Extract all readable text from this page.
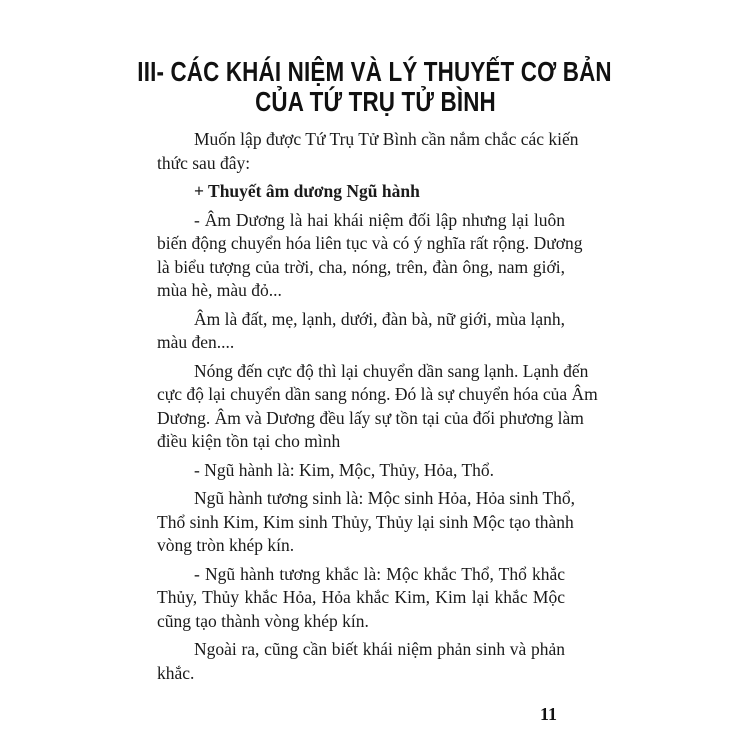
III- CÁC KHÁI NIỆM VÀ LÝ THUYẾT CƠ BẢN
CỦA TỨ TRỤ TỬ BÌNH
Muốn lập được Tứ Trụ Tử Bình cần nắm chắc các kiến
thức sau đây:
+ Thuyết âm dương Ngũ hành
- Âm Dương là hai khái niệm đối lập nhưng lại luôn
biến động chuyển hóa liên tục và có ý nghĩa rất rộng. Dương
là biểu tượng của trời, cha, nóng, trên, đàn ông, nam giới,
mùa hè, màu đỏ...
Âm là đất, mẹ, lạnh, dưới, đàn bà, nữ giới, mùa lạnh,
màu đen....
Nóng đến cực độ thì lại chuyển dần sang lạnh. Lạnh đến
cực độ lại chuyển dần sang nóng. Đó là sự chuyển hóa của Âm
Dương. Âm và Dương đều lấy sự tồn tại của đối phương làm
điều kiện tồn tại cho mình
- Ngũ hành là: Kim, Mộc, Thủy, Hỏa, Thổ.
Ngũ hành tương sinh là: Mộc sinh Hỏa, Hỏa sinh Thổ,
Thổ sinh Kim, Kim sinh Thủy, Thủy lại sinh Mộc tạo thành
vòng tròn khép kín.
- Ngũ hành tương khắc là: Mộc khắc Thổ, Thổ khắc
Thủy, Thủy khắc Hỏa, Hỏa khắc Kim, Kim lại khắc Mộc
cũng tạo thành vòng khép kín.
Ngoài ra, cũng cần biết khái niệm phản sinh và phản
khắc.
11
